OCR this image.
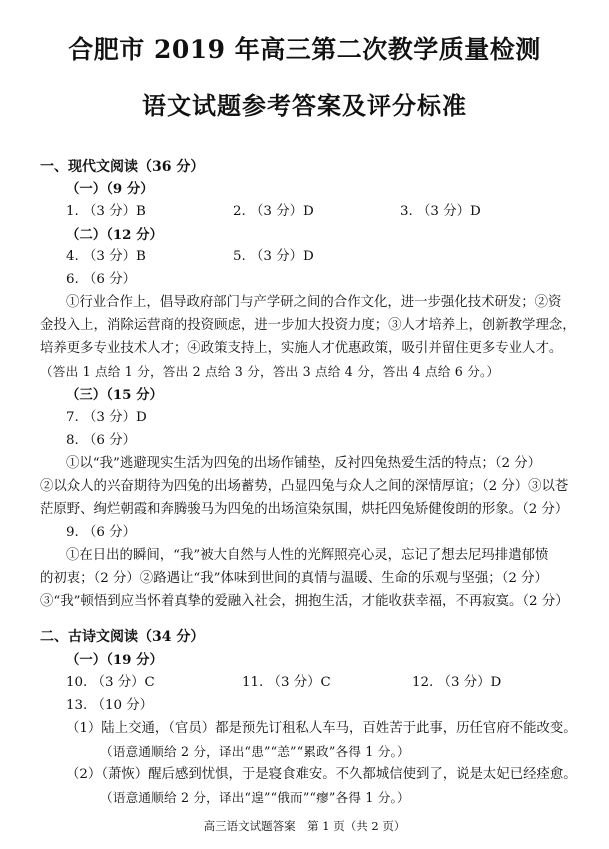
合肥市 2019 年高三第二次教学质量检测
语文试题参考答案及评分标准
一、现代文阅读（36 分）
（一）（9 分）
1. （3 分）B	2. （3 分）D	3. （3 分）D
（二）（12 分）
4. （3 分）B	5. （3 分）D
6. （6 分）
①行业合作上，倡导政府部门与产学研之间的合作文化，进一步强化技术研发；②资
金投入上，消除运营商的投资顾虑，进一步加大投资力度；③人才培养上，创新教学理念，
培养更多专业技术人才；④政策支持上，实施人才优惠政策，吸引并留住更多专业人才。
（答出 1 点给 1 分，答出 2 点给 3 分，答出 3 点给 4 分，答出 4 点给 6 分。）
（三）（15 分）
7. （3 分）D
8. （6 分）
①以“我”逃避现实生活为四兔的出场作铺垫，反衬四兔热爱生活的特点；（2 分）
②以众人的兴奋期待为四兔的出场蓄势，凸显四兔与众人之间的深情厚谊；（2 分）③以苍
茫原野、绚烂朝霞和奔腾骏马为四兔的出场渲染氛围，烘托四兔矫健俊朗的形象。（2 分）
9. （6 分）
①在日出的瞬间，“我”被大自然与人性的光辉照亮心灵，忘记了想去尼玛排遣郁愤
的初衷；（2 分）②路遇让“我”体味到世间的真情与温暖、生命的乐观与坚强；（2 分）
③“我”顿悟到应当怀着真挚的爱融入社会，拥抱生活，才能收获幸福，不再寂寞。（2 分）
二、古诗文阅读（34 分）
（一）（19 分）
10. （3 分）C	11. （3 分）C	12. （3 分）D
13. （10 分）
（1）陆上交通，（官员）都是预先订租私人车马，百姓苦于此事，历任官府不能改变。
（语意通顺给 2 分，译出“患”“恙”“累政”各得 1 分。）
（2）（萧恢）醒后感到忧惧，于是寝食难安。不久都城信使到了，说是太妃已经痊愈。
（语意通顺给 2 分，译出“遑”“俄而”“瘳”各得 1 分。）
高三语文试题答案　第 1 页（共 2 页）
